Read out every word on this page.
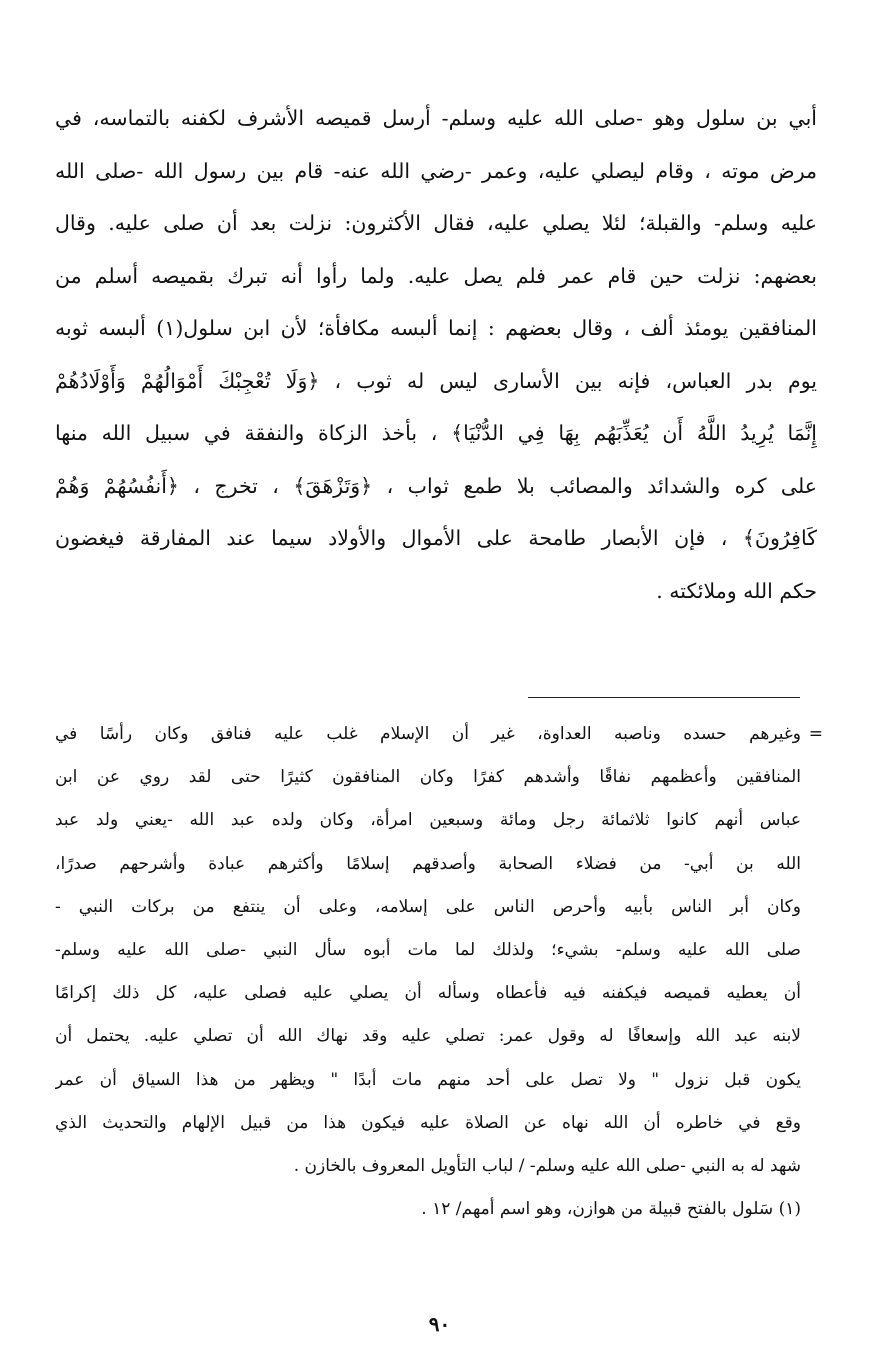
أبي بن سلول وهو -صلى الله عليه وسلم- أرسل قميصه الأشرف لكفنه بالتماسه، في
مرض موته ، وقام ليصلي عليه، وعمر -رضي الله عنه- قام بين رسول الله -صلى الله
عليه وسلم- والقبلة؛ لئلا يصلي عليه، فقال الأكثرون: نزلت بعد أن صلى عليه. وقال
بعضهم: نزلت حين قام عمر فلم يصل عليه. ولما رأوا أنه تبرك بقميصه أسلم من
المنافقين يومئذ ألف ، وقال بعضهم : إنما ألبسه مكافأة؛ لأن ابن سلول(١) ألبسه ثوبه
يوم بدر العباس، فإنه بين الأسارى ليس له ثوب ، ﴿وَلَا تُعْجِبْكَ أَمْوَالُهُمْ وَأَوْلَادُهُمْ
إِنَّمَا يُرِيدُ اللَّهُ أَن يُعَذِّبَهُم بِهَا فِي الدُّنْيَا﴾ ، بأخذ الزكاة والنفقة في سبيل الله منها
على كره والشدائد والمصائب بلا طمع ثواب ، ﴿وَتَزْهَقَ﴾ ، تخرج ، ﴿أَنفُسُهُمْ وَهُمْ
كَافِرُونَ﴾ ، فإن الأبصار طامحة على الأموال والأولاد سيما عند المفارقة فيغضون
حكم الله وملائكته .
=
وغيرهم حسده وناصبه العداوة، غير أن الإسلام غلب عليه فنافق وكان رأسًا في
المنافقين وأعظمهم نفاقًا وأشدهم كفرًا وكان المنافقون كثيرًا حتى لقد روي عن ابن
عباس أنهم كانوا ثلاثمائة رجل ومائة وسبعين امرأة، وكان ولده عبد الله -يعني ولد عبد
الله بن أبي- من فضلاء الصحابة وأصدقهم إسلامًا وأكثرهم عبادة وأشرحهم صدرًا،
وكان أبر الناس بأبيه وأحرص الناس على إسلامه، وعلى أن ينتفع من بركات النبي -
صلى الله عليه وسلم- بشيء؛ ولذلك لما مات أبوه سأل النبي -صلى الله عليه وسلم-
أن يعطيه قميصه فيكفنه فيه فأعطاه وسأله أن يصلي عليه فصلى عليه، كل ذلك إكرامًا
لابنه عبد الله وإسعافًا له وقول عمر: تصلي عليه وقد نهاك الله أن تصلي عليه. يحتمل أن
يكون قبل نزول " ولا تصل على أحد منهم مات أبدًا " ويظهر من هذا السياق أن عمر
وقع في خاطره أن الله نهاه عن الصلاة عليه فيكون هذا من قبيل الإلهام والتحديث الذي
شهد له به النبي -صلى الله عليه وسلم- / لباب التأويل المعروف بالخازن .
(١) سَلول بالفتح قبيلة من هوازن، وهو اسم أمهم/ ١٢ .
٩٠
